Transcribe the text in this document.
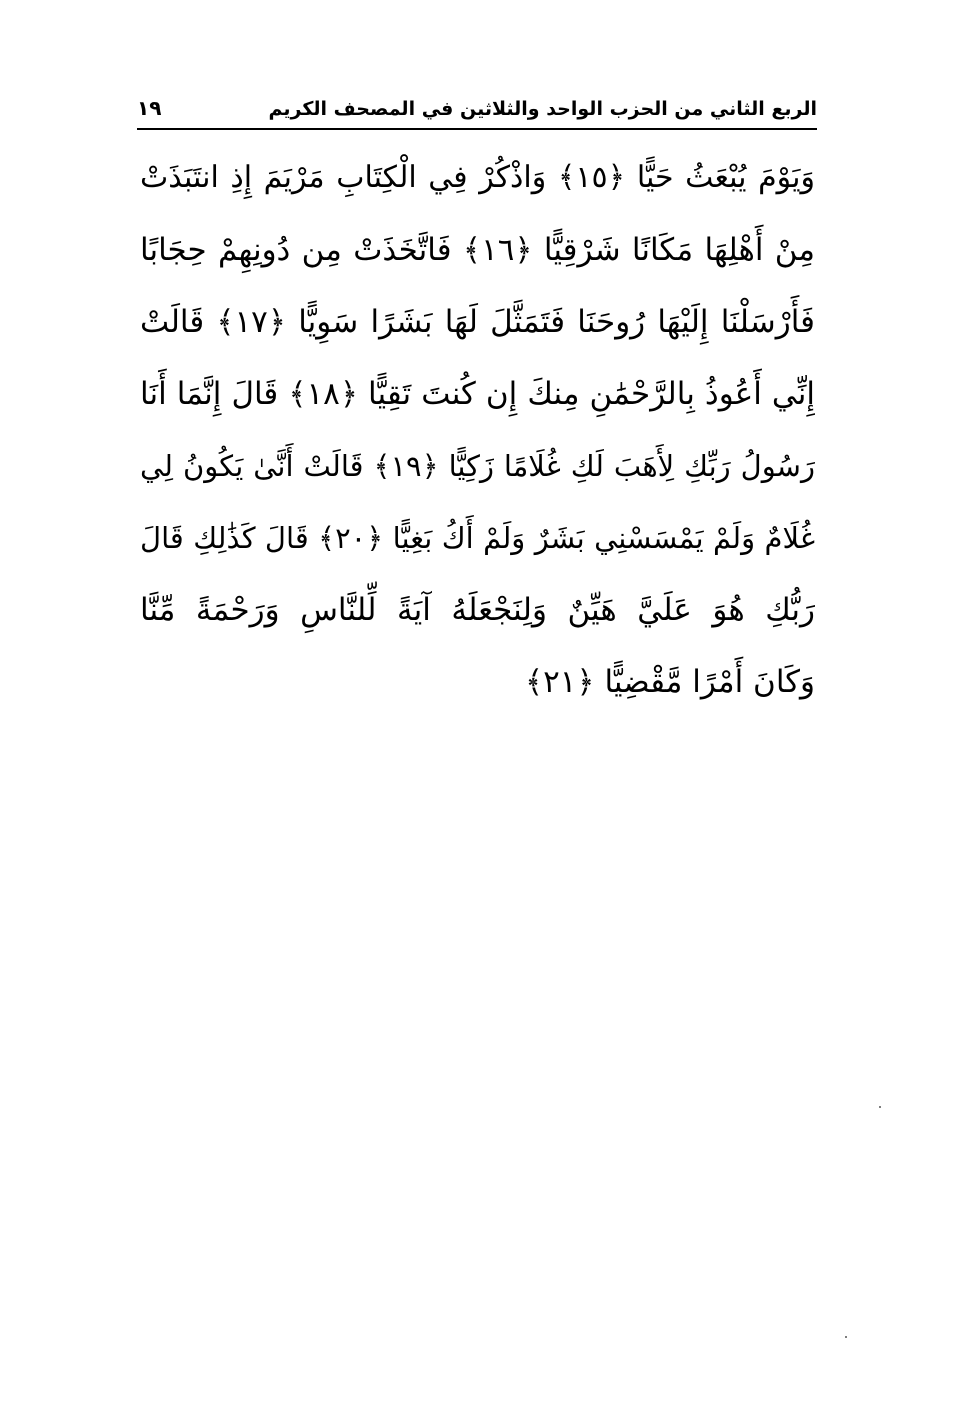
الربع الثاني من الحزب الواحد والثلاثين في المصحف الكريم
١٩
وَيَوْمَ يُبْعَثُ حَيًّا ﴿١٥﴾ وَاذْكُرْ فِي الْكِتَابِ مَرْيَمَ إِذِ انتَبَذَتْ
مِنْ أَهْلِهَا مَكَانًا شَرْقِيًّا ﴿١٦﴾ فَاتَّخَذَتْ مِن دُونِهِمْ حِجَابًا
فَأَرْسَلْنَا إِلَيْهَا رُوحَنَا فَتَمَثَّلَ لَهَا بَشَرًا سَوِيًّا ﴿١٧﴾ قَالَتْ
إِنِّي أَعُوذُ بِالرَّحْمَٰنِ مِنكَ إِن كُنتَ تَقِيًّا ﴿١٨﴾ قَالَ إِنَّمَا أَنَا
رَسُولُ رَبِّكِ لِأَهَبَ لَكِ غُلَامًا زَكِيًّا ﴿١٩﴾ قَالَتْ أَنَّىٰ يَكُونُ لِي
غُلَامٌ وَلَمْ يَمْسَسْنِي بَشَرٌ وَلَمْ أَكُ بَغِيًّا ﴿٢٠﴾ قَالَ كَذَٰلِكِ قَالَ
رَبُّكِ هُوَ عَلَيَّ هَيِّنٌ وَلِنَجْعَلَهُ آيَةً لِّلنَّاسِ وَرَحْمَةً مِّنَّا
وَكَانَ أَمْرًا مَّقْضِيًّا ﴿٢١﴾
